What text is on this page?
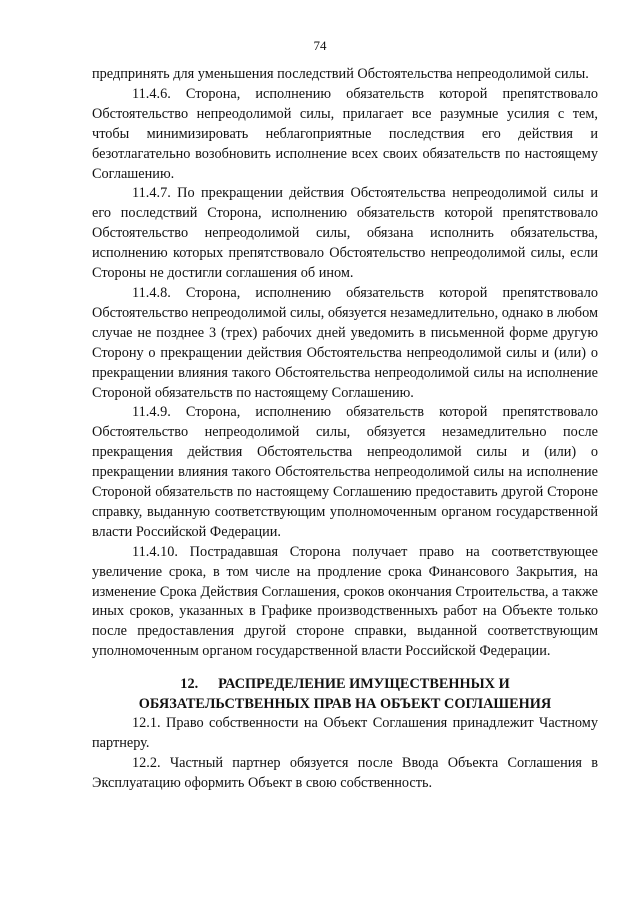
74

предпринять для уменьшения последствий Обстоятельства непреодолимой силы.

11.4.6. Сторона, исполнению обязательств которой препятствовало Обстоятельство непреодолимой силы, прилагает все разумные усилия с тем, чтобы минимизировать неблагоприятные последствия его действия и безотлагательно возобновить исполнение всех своих обязательств по настоящему Соглашению.

11.4.7. По прекращении действия Обстоятельства непреодолимой силы и его последствий Сторона, исполнению обязательств которой препятствовало Обстоятельство непреодолимой силы, обязана исполнить обязательства, исполнению которых препятствовало Обстоятельство непреодолимой силы, если Стороны не достигли соглашения об ином.

11.4.8. Сторона, исполнению обязательств которой препятствовало Обстоятельство непреодолимой силы, обязуется незамедлительно, однако в любом случае не позднее 3 (трех) рабочих дней уведомить в письменной форме другую Сторону о прекращении действия Обстоятельства непреодолимой силы и (или) о прекращении влияния такого Обстоятельства непреодолимой силы на исполнение Стороной обязательств по настоящему Соглашению.

11.4.9. Сторона, исполнению обязательств которой препятствовало Обстоятельство непреодолимой силы, обязуется незамедлительно после прекращения действия Обстоятельства непреодолимой силы и (или) о прекращении влияния такого Обстоятельства непреодолимой силы на исполнение Стороной обязательств по настоящему Соглашению предоставить другой Стороне справку, выданную соответствующим уполномоченным органом государственной власти Российской Федерации.

11.4.10. Пострадавшая Сторона получает право на соответствующее увеличение срока, в том числе на продление срока Финансового Закрытия, на изменение Срока Действия Соглашения, сроков окончания Строительства, а также иных сроков, указанных в Графике производственныхъ работ на Объекте только после предоставления другой стороне справки, выданной соответствующим уполномоченным органом государственной власти Российской Федерации.

12. РАСПРЕДЕЛЕНИЕ ИМУЩЕСТВЕННЫХ И
ОБЯЗАТЕЛЬСТВЕННЫХ ПРАВ НА ОБЪЕКТ СОГЛАШЕНИЯ

12.1. Право собственности на Объект Соглашения принадлежит Частному партнеру.

12.2. Частный партнер обязуется после Ввода Объекта Соглашения в Эксплуатацию оформить Объект в свою собственность.
